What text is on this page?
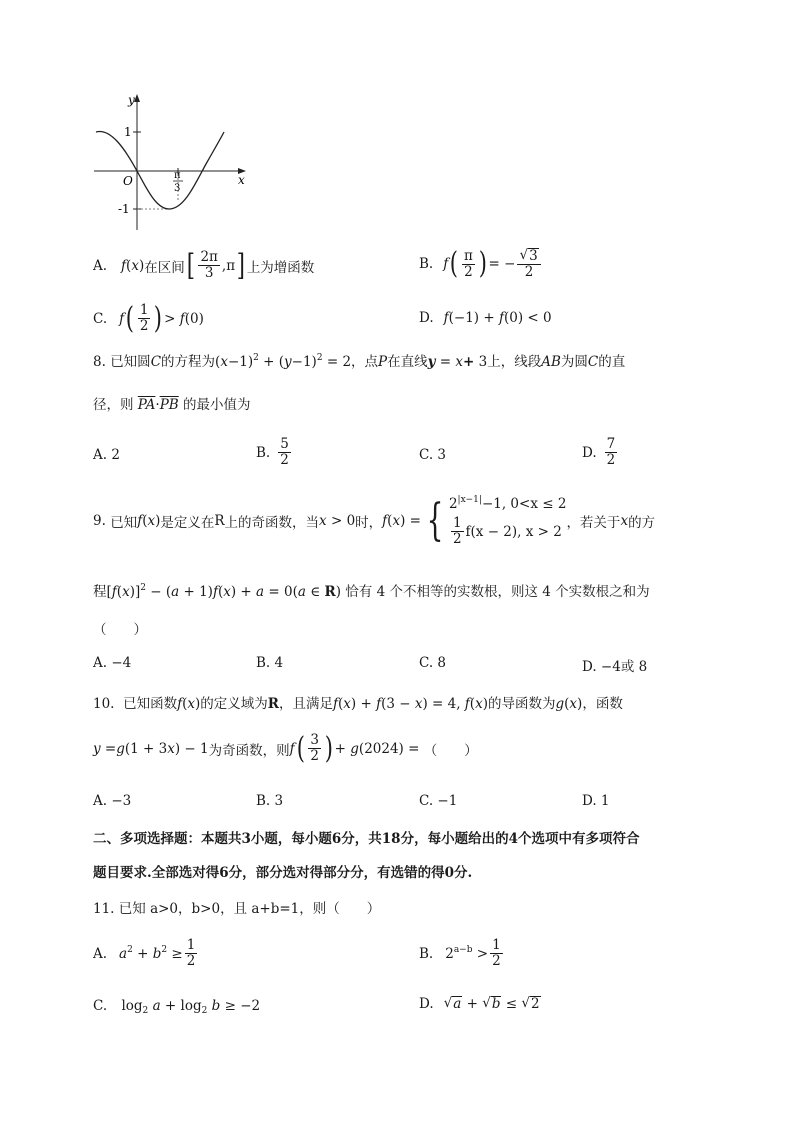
y
x
O
1
-1
π
3
A. f ( x ) 在区间 [ $\frac{2\pi}{3}$ , π ] 上为增函数	B. f ( $\frac{\pi}{2}$ ) = − $\frac{√ 3}{2}$
C. f ( $\frac{1}{2}$ ) > f (0)	D. f (−1) + f (0) < 0
8. 已知圆C的方程为$(x-1)^2 + (y-1)^2 = 2$，点P在直线y = x+ 3上，线段AB为圆C的直
径，则 $\overline{PA}\cdot\overline{PB}$ 的最小值为
A. 2	B. $\frac{5}{2}$	C. 3	D. $\frac{7}{2}$
9.
已知 f ( x ) 是定义在 R 上的奇函数，当 x > 0 时， f ( x ) = { $2^{|x-1|}-1$, 0<x ≤ 2
$\frac{1}{2} f(x - 2)$, x > 2
，若关于 x 的方
程$[f(x)]^2 - (a + 1)f(x) + a = 0(a$ ∈ R) 恰有 4 个不相等的实数根，则这 4 个实数根之和为
（　　）
A. −4	B. 4	C. 8	D. −4或 8
10. 已知函数f(x)的定义域为R，且满足f(x) + f(3 − x) = 4, f(x)的导函数为g(x)，函数
y = g (1 + 3 x ) − 1 为奇函数，则 f ( $\frac{3}{2}$ ) + g (2024) = （　　）
A. −3	B. 3	C. −1	D. 1
二、多项选择题：本题共3小题，每小题6分，共18分，每小题给出的4个选项中有多项符合
题目要求.全部选对得6分，部分选对得部分分，有选错的得0分.
11. 已知 a>0，b>0，且 a+b=1，则（　　）
A. $a^2 + b^2 \ge \frac{1}{2}$	B. $2^{a-b} > \frac{1}{2}$
C. $\log_2 a + \log_2 b \ge -2$	D. √ a + √ b ≤ √ 2
